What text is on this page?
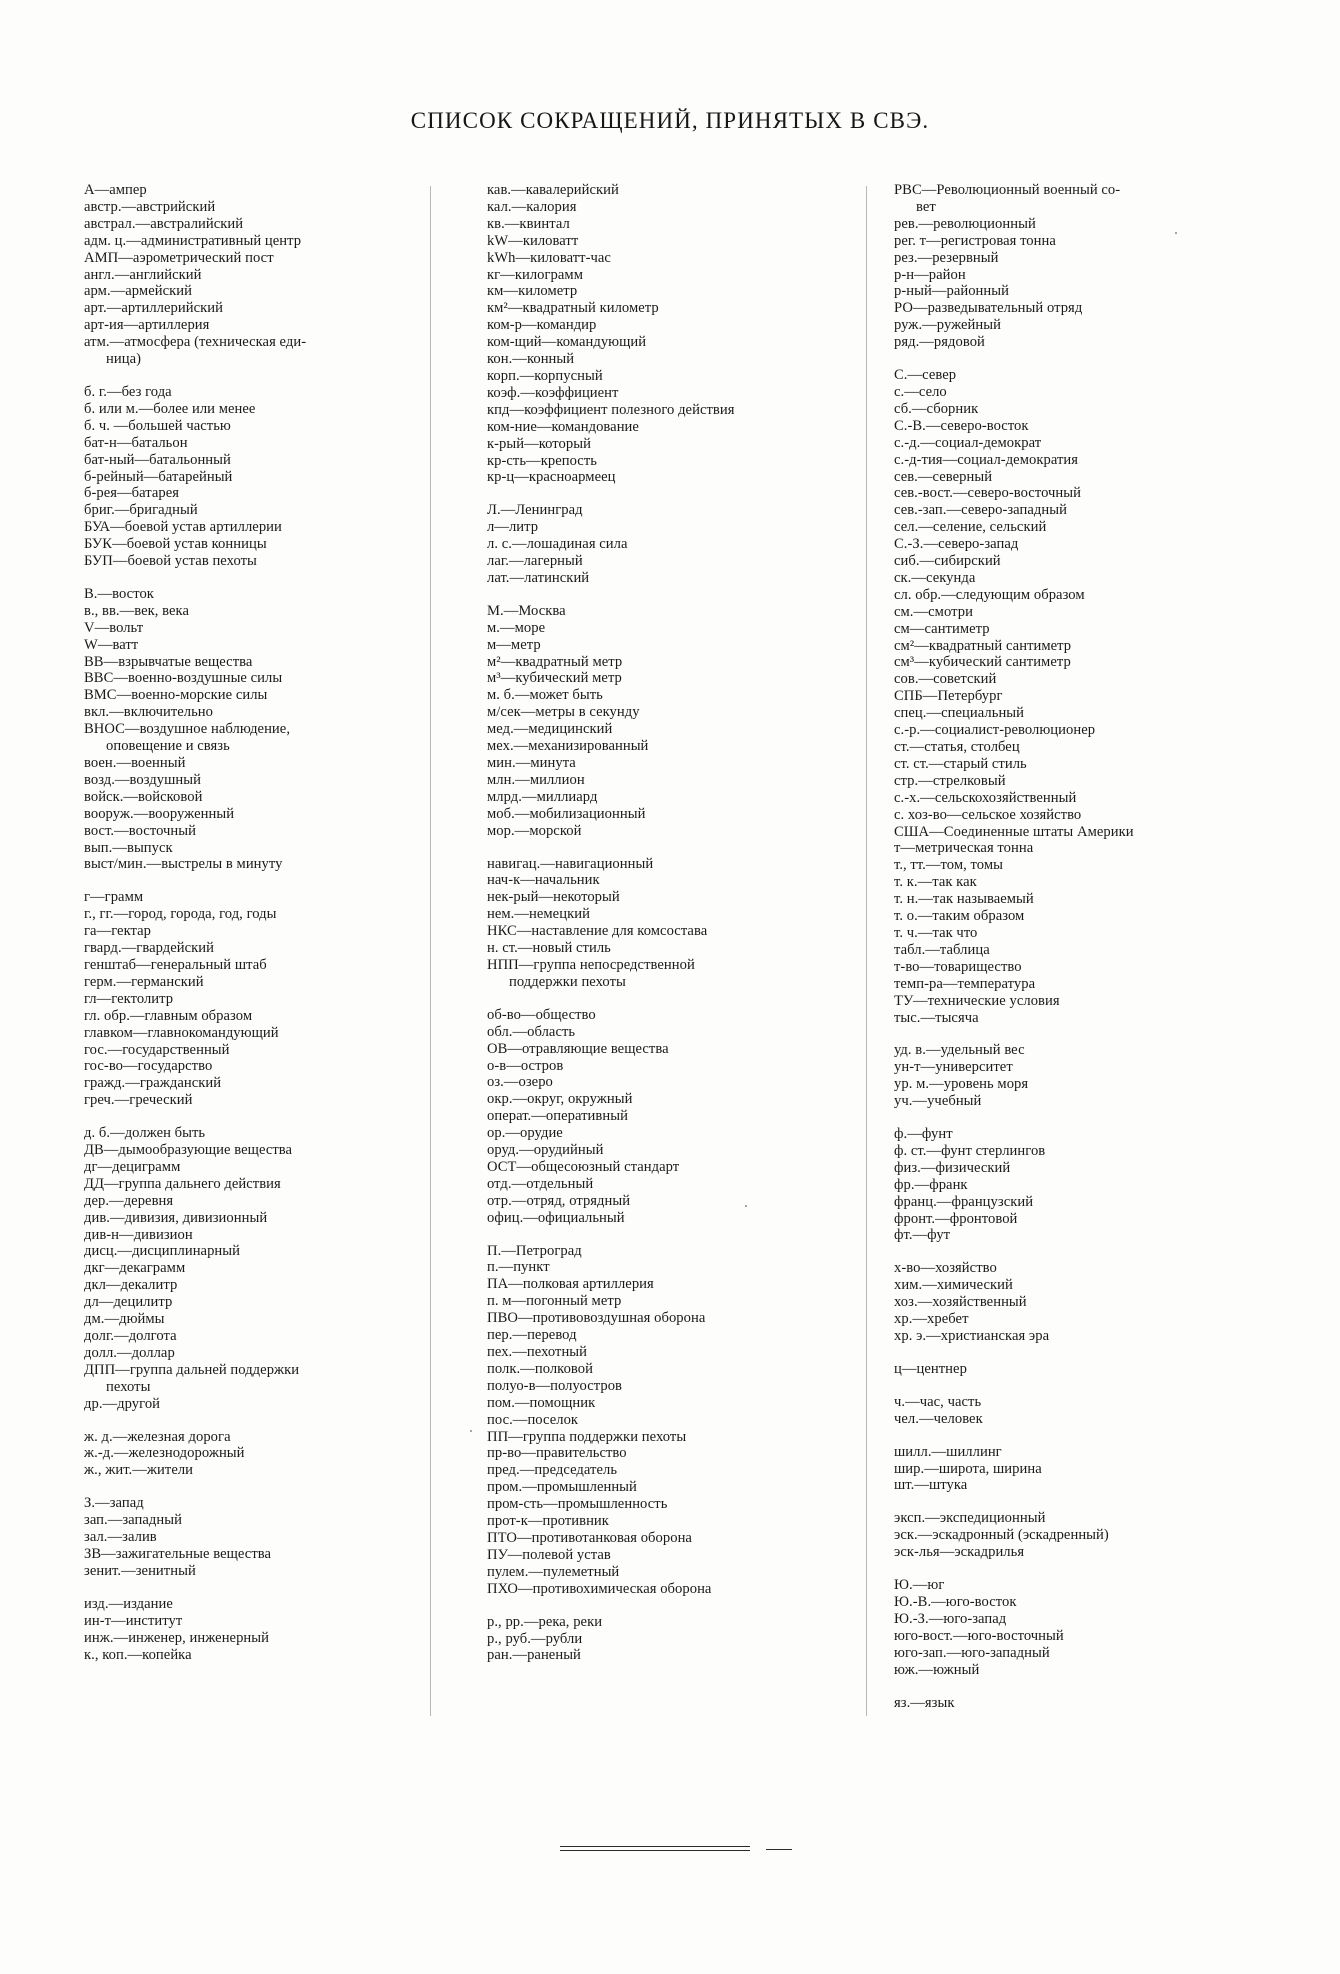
СПИСОК СОКРАЩЕНИЙ, ПРИНЯТЫХ В СВЭ.
А—ампер
австр.—австрийский
австрал.—австралийский
адм. ц.—административный центр
АМП—аэрометрический пост
англ.—английский
арм.—армейский
арт.—артиллерийский
арт-ия—артиллерия
атм.—атмосфера (техническая еди-
ница)
б. г.—без года
б. или м.—более или менее
б. ч. —большей частью
бат-н—батальон
бат-ный—батальонный
б-рейный—батарейный
б-рея—батарея
бриг.—бригадный
БУА—боевой устав артиллерии
БУК—боевой устав конницы
БУП—боевой устав пехоты
В.—восток
в., вв.—век, века
V—вольт
W—ватт
ВВ—взрывчатые вещества
ВВС—военно-воздушные силы
ВМС—военно-морские силы
вкл.—включительно
ВНОС—воздушное наблюдение,
оповещение и связь
воен.—военный
возд.—воздушный
войск.—войсковой
вооруж.—вооруженный
вост.—восточный
вып.—выпуск
выст/мин.—выстрелы в минуту
г—грамм
г., гг.—город, города, год, годы
га—гектар
гвард.—гвардейский
генштаб—генеральный штаб
герм.—германский
гл—гектолитр
гл. обр.—главным образом
главком—главнокомандующий
гос.—государственный
гос-во—государство
гражд.—гражданский
греч.—греческий
д. б.—должен быть
ДВ—дымообразующие вещества
дг—дециграмм
ДД—группа дальнего действия
дер.—деревня
див.—дивизия, дивизионный
див-н—дивизион
дисц.—дисциплинарный
дкг—декаграмм
дкл—декалитр
дл—децилитр
дм.—дюймы
долг.—долгота
долл.—доллар
ДПП—группа дальней поддержки
пехоты
др.—другой
ж. д.—железная дорога
ж.-д.—железнодорожный
ж., жит.—жители
З.—запад
зап.—западный
зал.—залив
ЗВ—зажигательные вещества
зенит.—зенитный
изд.—издание
ин-т—институт
инж.—инженер, инженерный
к., коп.—копейка
кав.—кавалерийский
кал.—калория
кв.—квинтал
kW—киловатт
kWh—киловатт-час
кг—килограмм
км—километр
км²—квадратный километр
ком-р—командир
ком-щий—командующий
кон.—конный
корп.—корпусный
коэф.—коэффициент
кпд—коэффициент полезного действия
ком-ние—командование
к-рый—который
кр-сть—крепость
кр-ц—красноармеец
Л.—Ленинград
л—литр
л. с.—лошадиная сила
лаг.—лагерный
лат.—латинский
М.—Москва
м.—море
м—метр
м²—квадратный метр
м³—кубический метр
м. б.—может быть
м/сек—метры в секунду
мед.—медицинский
мех.—механизированный
мин.—минута
млн.—миллион
млрд.—миллиард
моб.—мобилизационный
мор.—морской
навигац.—навигационный
нач-к—начальник
нек-рый—некоторый
нем.—немецкий
НКС—наставление для комсостава
н. ст.—новый стиль
НПП—группа непосредственной
поддержки пехоты
об-во—общество
обл.—область
ОВ—отравляющие вещества
о-в—остров
оз.—озеро
окр.—округ, окружный
операт.—оперативный
ор.—орудие
оруд.—орудийный
ОСТ—общесоюзный стандарт
отд.—отдельный
отр.—отряд, отрядный
офиц.—официальный
П.—Петроград
п.—пункт
ПА—полковая артиллерия
п. м—погонный метр
ПВО—противовоздушная оборона
пер.—перевод
пех.—пехотный
полк.—полковой
полуо-в—полуостров
пом.—помощник
пос.—поселок
ПП—группа поддержки пехоты
пр-во—правительство
пред.—председатель
пром.—промышленный
пром-сть—промышленность
прот-к—противник
ПТО—противотанковая оборона
ПУ—полевой устав
пулем.—пулеметный
ПХО—противохимическая оборона
р., рр.—река, реки
р., руб.—рубли
ран.—раненый
РВС—Революционный военный со-
вет
рев.—революционный
рег. т—регистровая тонна
рез.—резервный
р-н—район
р-ный—районный
РО—разведывательный отряд
руж.—ружейный
ряд.—рядовой
С.—север
с.—село
сб.—сборник
С.-В.—северо-восток
с.-д.—социал-демократ
с.-д-тия—социал-демократия
сев.—северный
сев.-вост.—северо-восточный
сев.-зап.—северо-западный
сел.—селение, сельский
С.-З.—северо-запад
сиб.—сибирский
ск.—секунда
сл. обр.—следующим образом
см.—смотри
см—сантиметр
см²—квадратный сантиметр
см³—кубический сантиметр
сов.—советский
СПБ—Петербург
спец.—специальный
с.-р.—социалист-революционер
ст.—статья, столбец
ст. ст.—старый стиль
стр.—стрелковый
с.-х.—сельскохозяйственный
с. хоз-во—сельское хозяйство
США—Соединенные штаты Америки
т—метрическая тонна
т., тт.—том, томы
т. к.—так как
т. н.—так называемый
т. о.—таким образом
т. ч.—так что
табл.—таблица
т-во—товарищество
темп-ра—температура
ТУ—технические условия
тыс.—тысяча
уд. в.—удельный вес
ун-т—университет
ур. м.—уровень моря
уч.—учебный
ф.—фунт
ф. ст.—фунт стерлингов
физ.—физический
фр.—франк
франц.—французский
фронт.—фронтовой
фт.—фут
х-во—хозяйство
хим.—химический
хоз.—хозяйственный
хр.—хребет
хр. э.—христианская эра
ц—центнер
ч.—час, часть
чел.—человек
шилл.—шиллинг
шир.—широта, ширина
шт.—штука
эксп.—экспедиционный
эск.—эскадронный (эскадренный)
эск-лья—эскадрилья
Ю.—юг
Ю.-В.—юго-восток
Ю.-З.—юго-запад
юго-вост.—юго-восточный
юго-зап.—юго-западный
юж.—южный
яз.—язык
